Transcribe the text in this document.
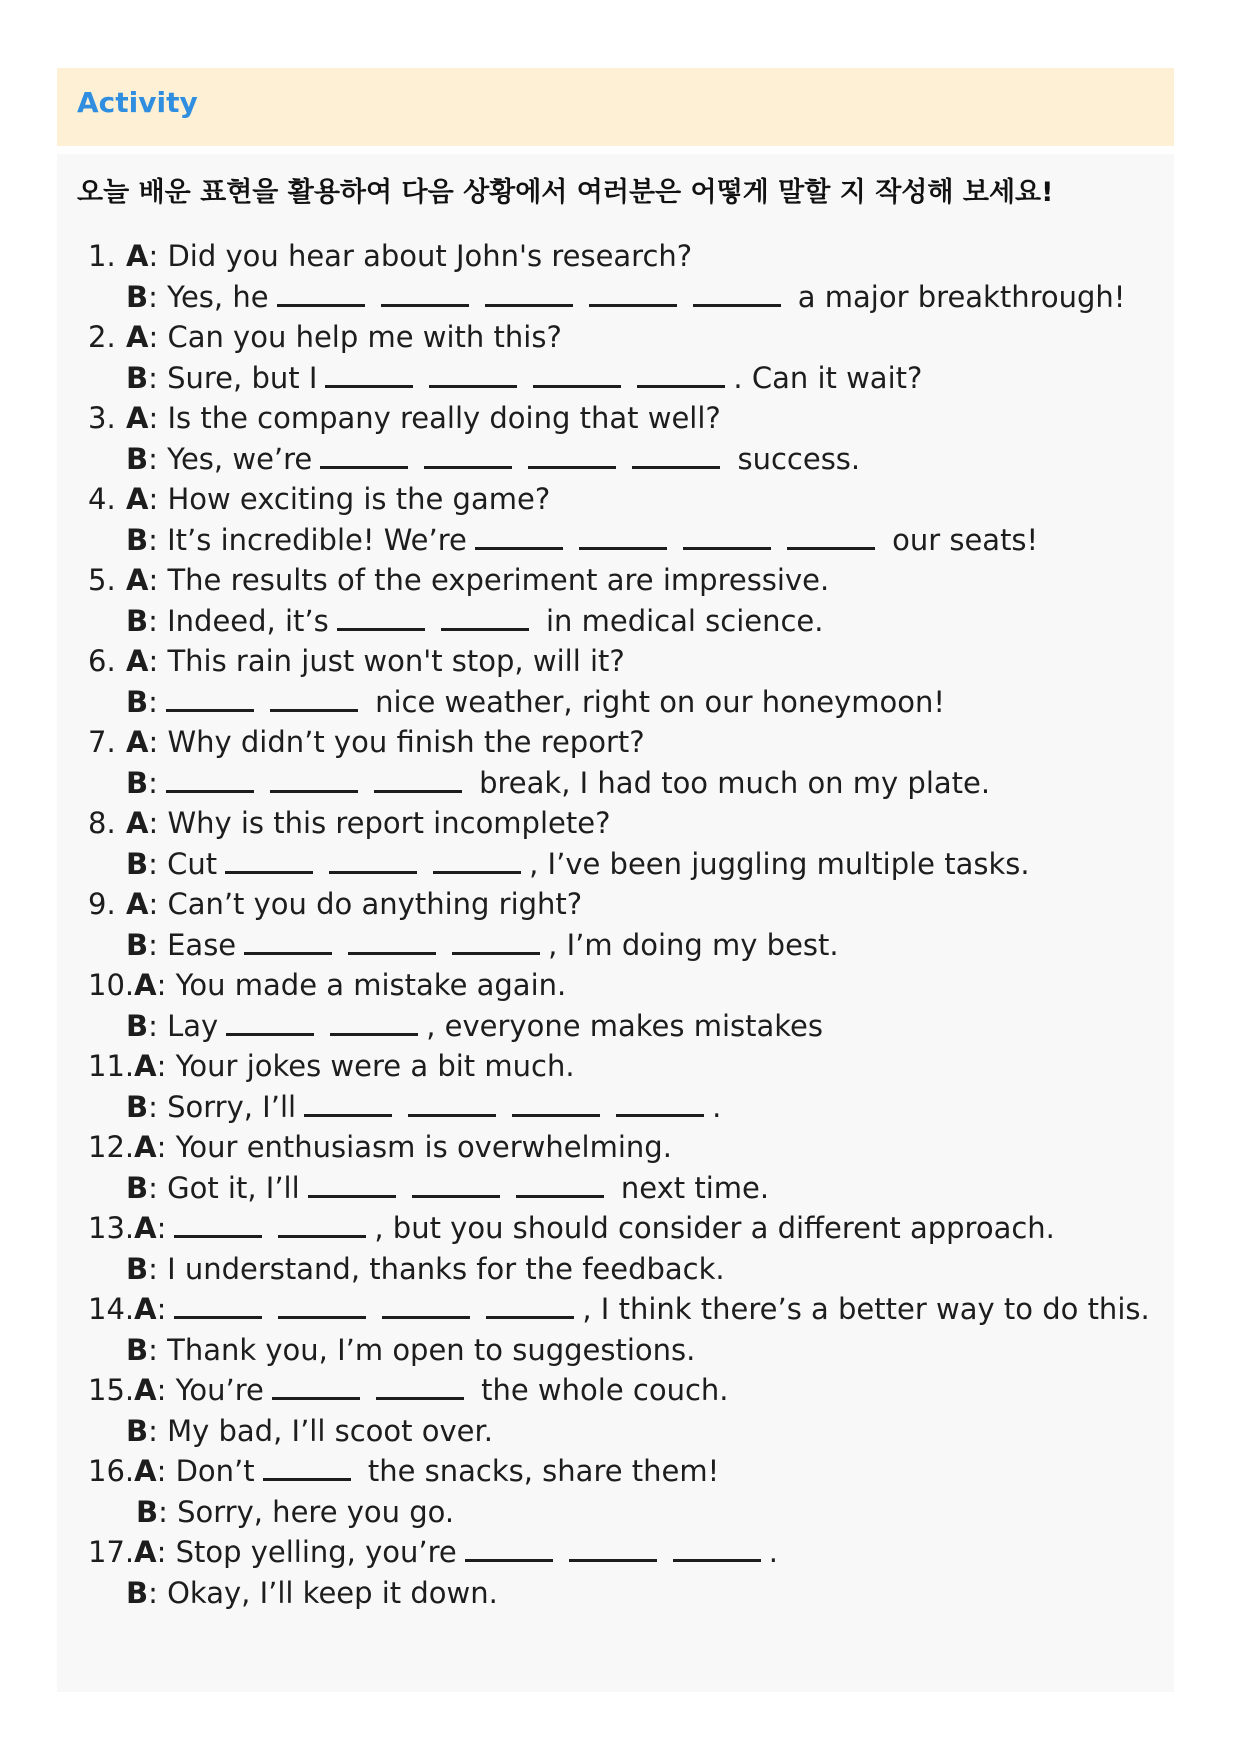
Activity
오늘 배운 표현을 활용하여 다음 상황에서 여러분은 어떻게 말할 지 작성해 보세요!
1. A: Did you hear about John's research?
B: Yes, he	a major breakthrough!
2. A: Can you help me with this?
B: Sure, but I	. Can it wait?
3. A: Is the company really doing that well?
B: Yes, we’re	success.
4. A: How exciting is the game?
B: It’s incredible! We’re	our seats!
5. A: The results of the experiment are impressive.
B: Indeed, it’s	in medical science.
6. A: This rain just won't stop, will it?
B:	nice weather, right on our honeymoon!
7. A: Why didn’t you finish the report?
B:	break, I had too much on my plate.
8. A: Why is this report incomplete?
B: Cut	, I’ve been juggling multiple tasks.
9. A: Can’t you do anything right?
B: Ease	, I’m doing my best.
10.A: You made a mistake again.
B: Lay	, everyone makes mistakes
11.A: Your jokes were a bit much.
B: Sorry, I’ll	.
12.A: Your enthusiasm is overwhelming.
B: Got it, I’ll	next time.
13.A:	, but you should consider a different approach.
B: I understand, thanks for the feedback.
14.A:	, I think there’s a better way to do this.
B: Thank you, I’m open to suggestions.
15.A: You’re	the whole couch.
B: My bad, I’ll scoot over.
16.A: Don’t	the snacks, share them!
B: Sorry, here you go.
17.A: Stop yelling, you’re	.
B: Okay, I’ll keep it down.
